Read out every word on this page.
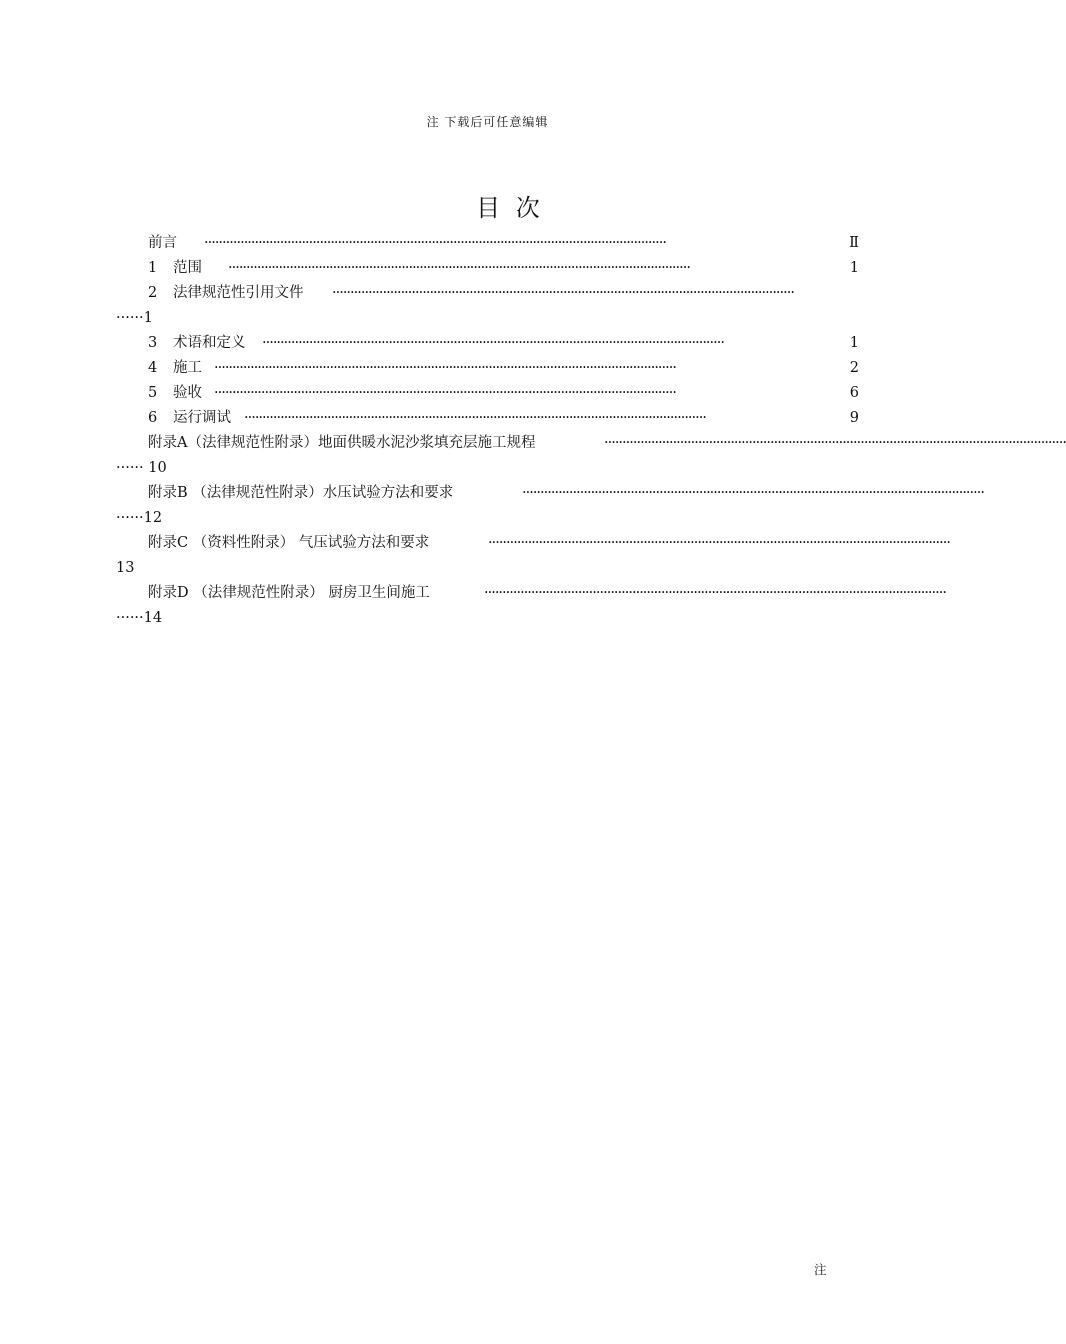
注 下载后可任意编辑
目 次
································································································································
前言	Ⅱ
································································································································
1 范围	1
································································································································
2 法律规范性引用文件
······1
································································································································
3 术语和定义	1
································································································································
4 施工	2
································································································································
5 验收	6
································································································································
6 运行调试	9
································································································································
附录A（法律规范性附录）地面供暖水泥沙浆填充层施工规程
······ 10
································································································································
附录B （法律规范性附录）水压试验方法和要求
······12
································································································································
附录C （资料性附录） 气压试验方法和要求
13
································································································································
附录D （法律规范性附录） 厨房卫生间施工
······14
注
